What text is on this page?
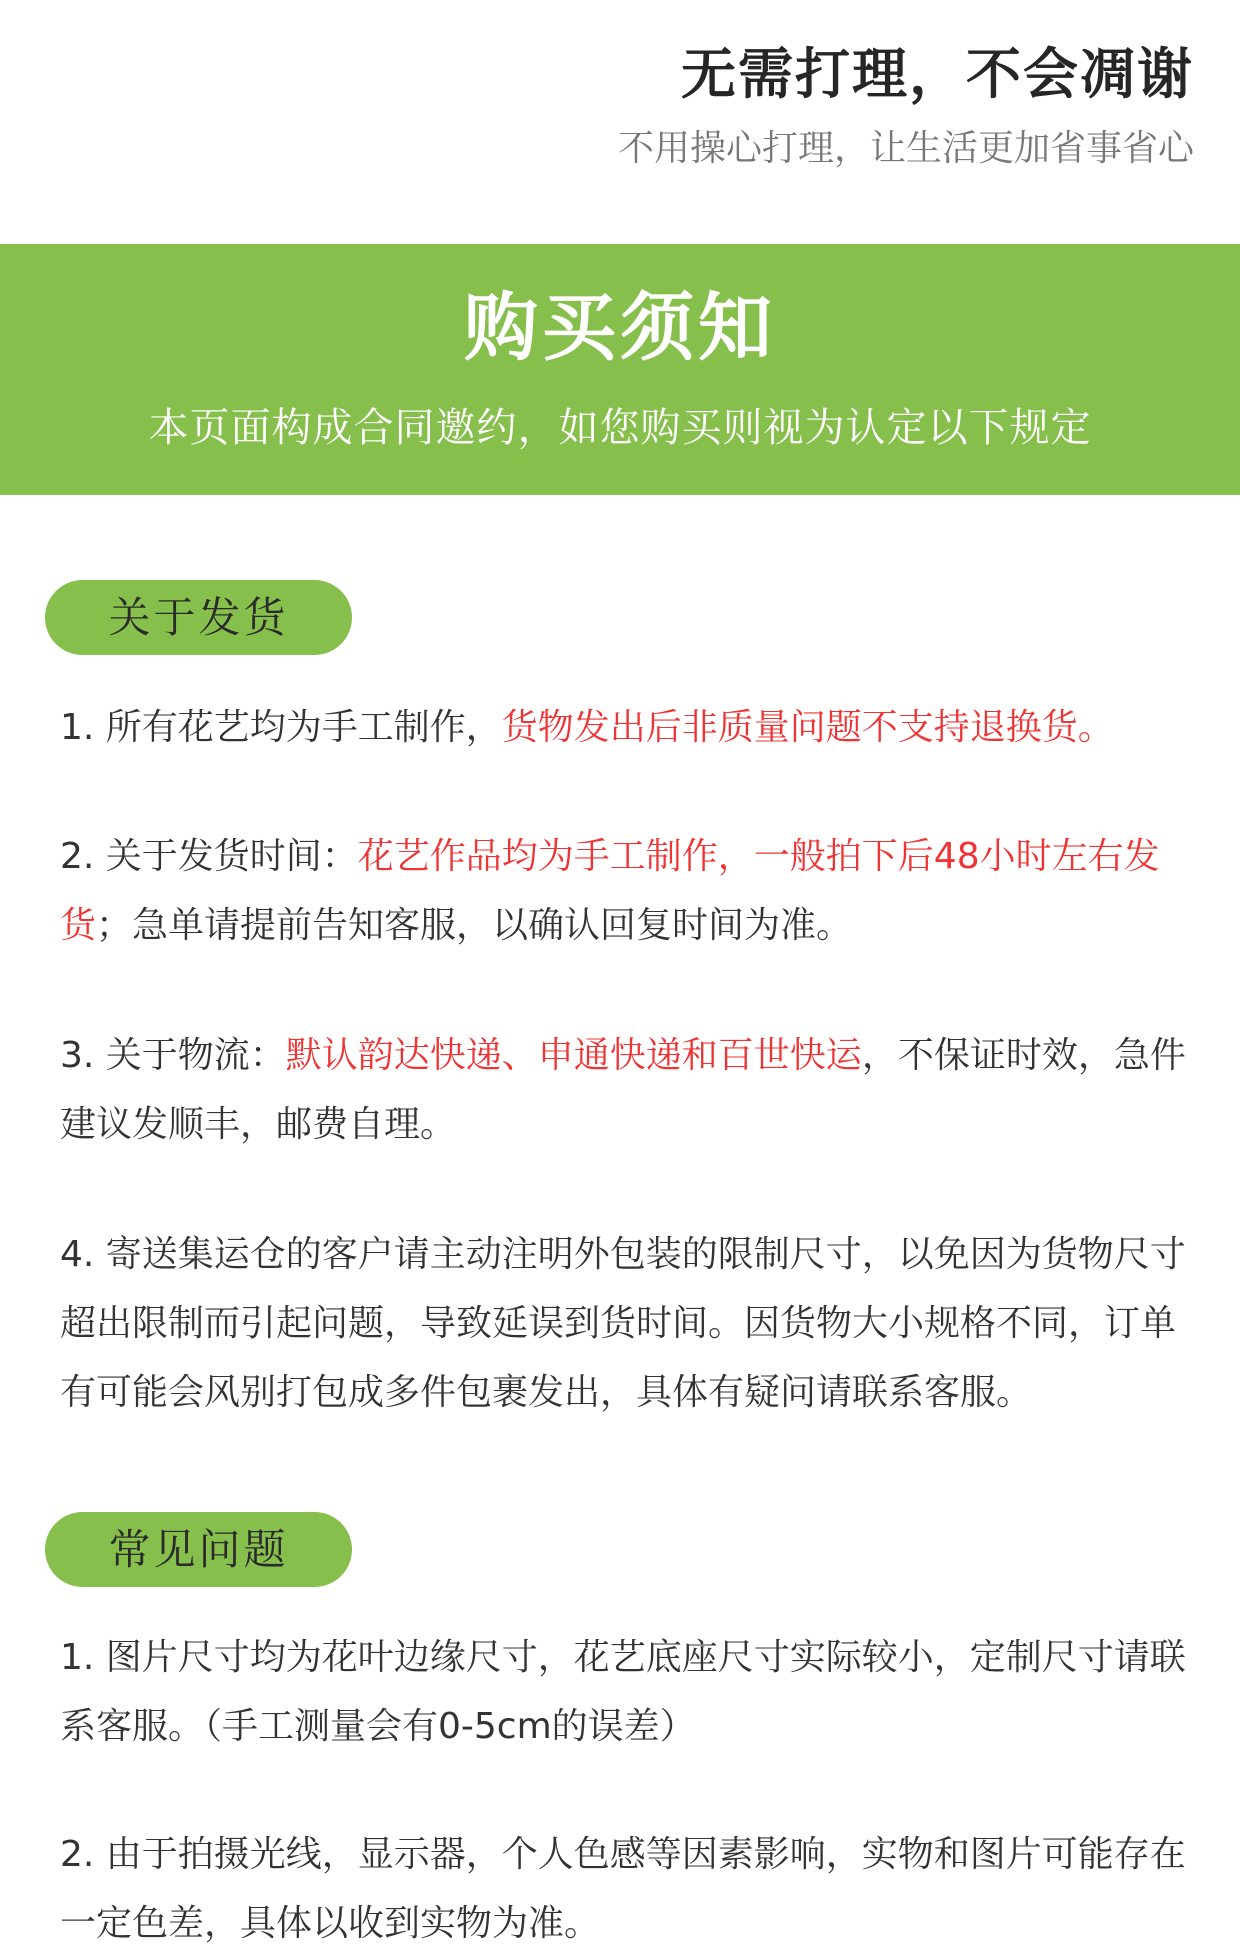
无需打理，不会凋谢
不用操心打理，让生活更加省事省心
购买须知
本页面构成合同邀约，如您购买则视为认定以下规定
关于发货
1. 所有花艺均为手工制作，货物发出后非质量问题不支持退换货。
2. 关于发货时间：花艺作品均为手工制作，一般拍下后48小时左右发货；急单请提前告知客服，以确认回复时间为准。
3. 关于物流：默认韵达快递、申通快递和百世快运，不保证时效，急件建议发顺丰，邮费自理。
4. 寄送集运仓的客户请主动注明外包装的限制尺寸，以免因为货物尺寸超出限制而引起问题，导致延误到货时间。因货物大小规格不同，订单有可能会风别打包成多件包裹发出，具体有疑问请联系客服。
常见问题
1. 图片尺寸均为花叶边缘尺寸，花艺底座尺寸实际较小，定制尺寸请联系客服。（手工测量会有0-5cm的误差）
2. 由于拍摄光线，显示器，个人色感等因素影响，实物和图片可能存在一定色差，具体以收到实物为准。
